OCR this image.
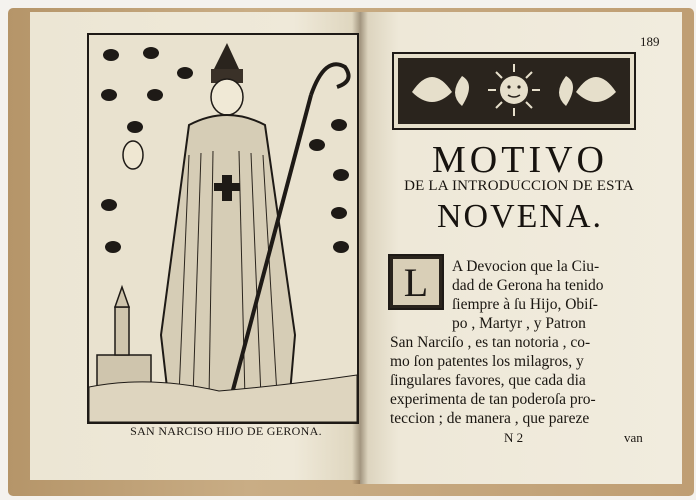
SAN NARCISO HIJO DE GERONA.
189
MOTIVO
DE LA INTRODUCCION DE ESTA
NOVENA.
L A Devocion que la Ciu-
dad de Gerona ha tenido
ſiempre à ſu Hijo, Obiſ-
po , Martyr , y Patron
San Narciſo , es tan notoria , co-
mo ſon patentes los milagros, y
ſingulares favores, que cada dia
experimenta de tan poderoſa pro-
teccion ; de manera , que pareze
N 2	van
